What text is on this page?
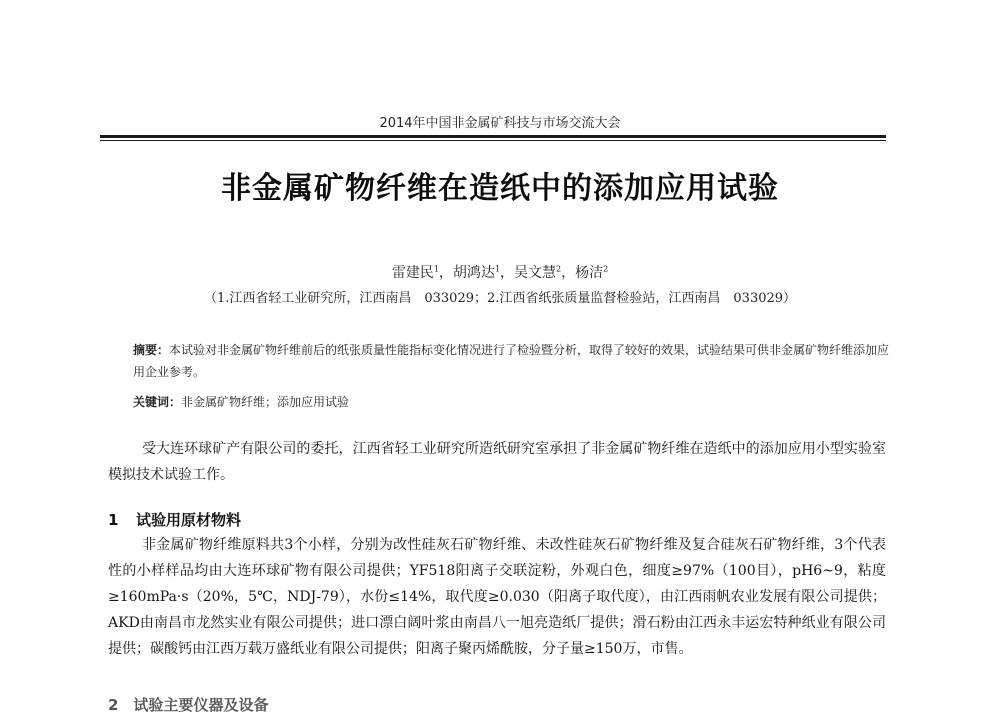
2014年中国非金属矿科技与市场交流大会
非金属矿物纤维在造纸中的添加应用试验
雷建民$^1$，胡鸿达$^1$，吴文慧$^2$，杨洁$^2$
（1.江西省轻工业研究所，江西南昌　033029；2.江西省纸张质量监督检验站，江西南昌　033029）
摘要：本试验对非金属矿物纤维前后的纸张质量性能指标变化情况进行了检验暨分析，取得了较好的效果，试验结果可供非金属矿物纤维添加应用企业参考。
关键词：非金属矿物纤维；添加应用试验
受大连环球矿产有限公司的委托，江西省轻工业研究所造纸研究室承担了非金属矿物纤维在造纸中的添加应用小型实验室模拟技术试验工作。
1 试验用原材物料
非金属矿物纤维原料共3个小样，分别为改性硅灰石矿物纤维、未改性硅灰石矿物纤维及复合硅灰石矿物纤维，3个代表性的小样样品均由大连环球矿物有限公司提供；YF518阳离子交联淀粉，外观白色，细度≥97%（100目），pH6~9，粘度≥160mPa·s（20%，5℃，NDJ-79），水份≤14%，取代度≥0.030（阳离子取代度），由江西雨帆农业发展有限公司提供；AKD由南昌市龙然实业有限公司提供；进口漂白阔叶浆由南昌八一旭亮造纸厂提供；滑石粉由江西永丰运宏特种纸业有限公司提供；碳酸钙由江西万载万盛纸业有限公司提供；阳离子聚丙烯酰胺，分子量≥150万，市售。
2　试验主要仪器及设备
